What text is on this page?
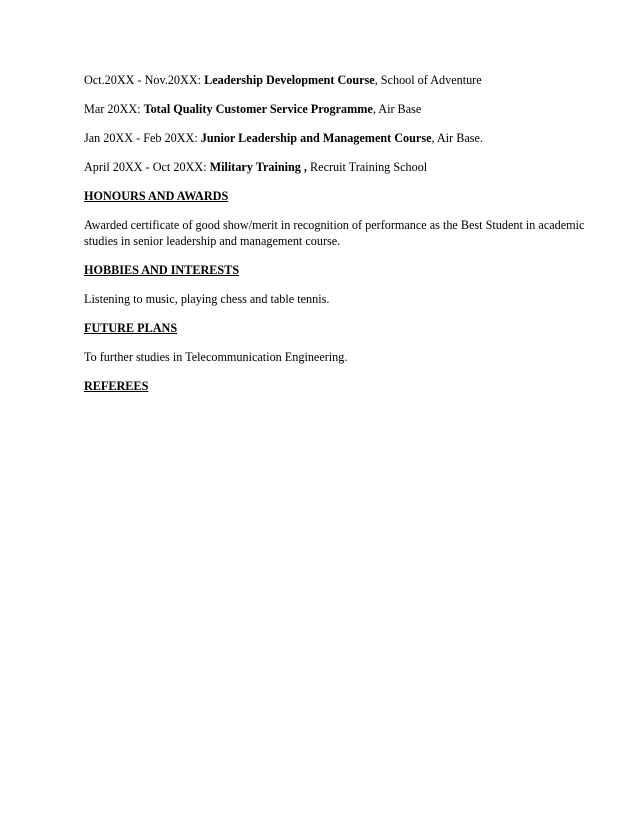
Oct.20XX - Nov.20XX: Leadership Development Course, School of Adventure

Mar 20XX: Total Quality Customer Service Programme, Air Base

Jan 20XX - Feb 20XX: Junior Leadership and Management Course, Air Base.

April 20XX - Oct 20XX: Military Training , Recruit Training School

HONOURS AND AWARDS

Awarded certificate of good show/merit in recognition of performance as the Best Student in academic
studies in senior leadership and management course.

HOBBIES AND INTERESTS

Listening to music, playing chess and table tennis.

FUTURE PLANS

To further studies in Telecommunication Engineering.

REFEREES
